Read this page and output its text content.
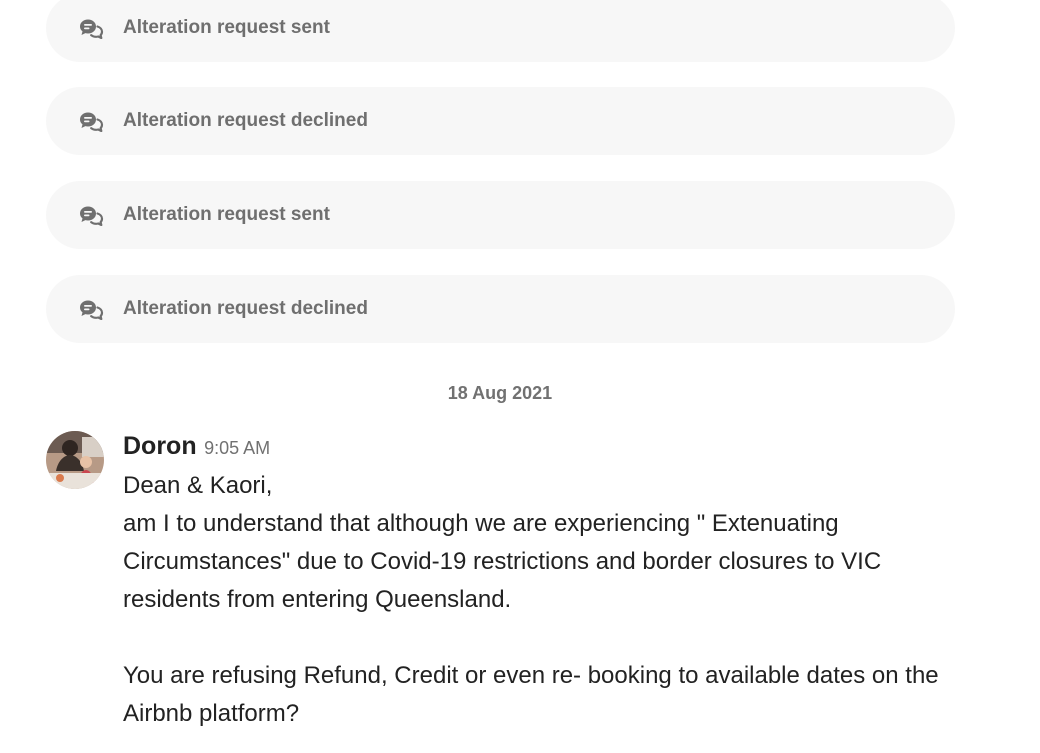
Alteration request sent
Alteration request declined
Alteration request sent
Alteration request declined
18 Aug 2021
Doron 9:05 AM

Dean & Kaori,

am I to understand that although we are experiencing " Extenuating Circumstances" due to Covid-19 restrictions and border closures to VIC residents from entering Queensland.

You are refusing Refund, Credit or even re- booking to available dates on the Airbnb platform?
